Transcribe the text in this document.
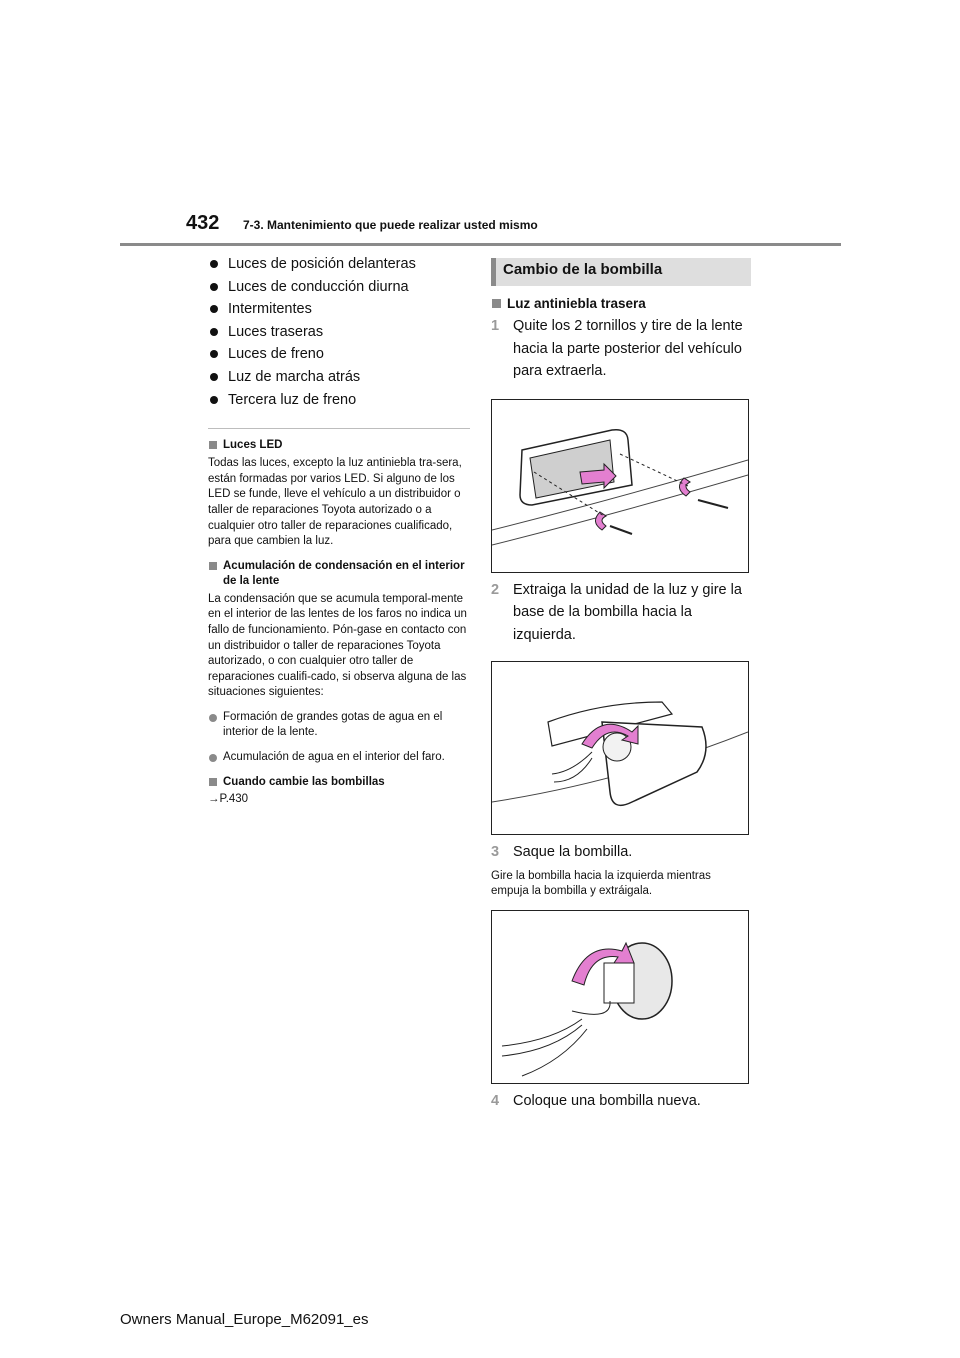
432 7-3. Mantenimiento que puede realizar usted mismo
Luces de posición delanteras
Luces de conducción diurna
Intermitentes
Luces traseras
Luces de freno
Luz de marcha atrás
Tercera luz de freno

Luces LED

Todas las luces, excepto la luz antiniebla tra-sera, están formadas por varios LED. Si alguno de los LED se funde, lleve el vehículo a un distribuidor o taller de reparaciones Toyota autorizado o a cualquier otro taller de reparaciones cualificado, para que cambien la luz.

Acumulación de condensación en el interior de la lente

La condensación que se acumula temporal-mente en el interior de las lentes de los faros no indica un fallo de funcionamiento. Pón-gase en contacto con un distribuidor o taller de reparaciones Toyota autorizado, o con cualquier otro taller de reparaciones cualifi-cado, si observa alguna de las situaciones siguientes:

Formación de grandes gotas de agua en el interior de la lente.
Acumulación de agua en el interior del faro.

Cuando cambie las bombillas

→P.430
Cambio de la bombilla
Luz antiniebla trasera
1 Quite los 2 tornillos y tire de la lente hacia la parte posterior del vehículo para extraerla.
2 Extraiga la unidad de la luz y gire la base de la bombilla hacia la izquierda.
3 Saque la bombilla.

Gire la bombilla hacia la izquierda mientras empuja la bombilla y extráigala.

4 Coloque una bombilla nueva.
Owners Manual_Europe_M62091_es
